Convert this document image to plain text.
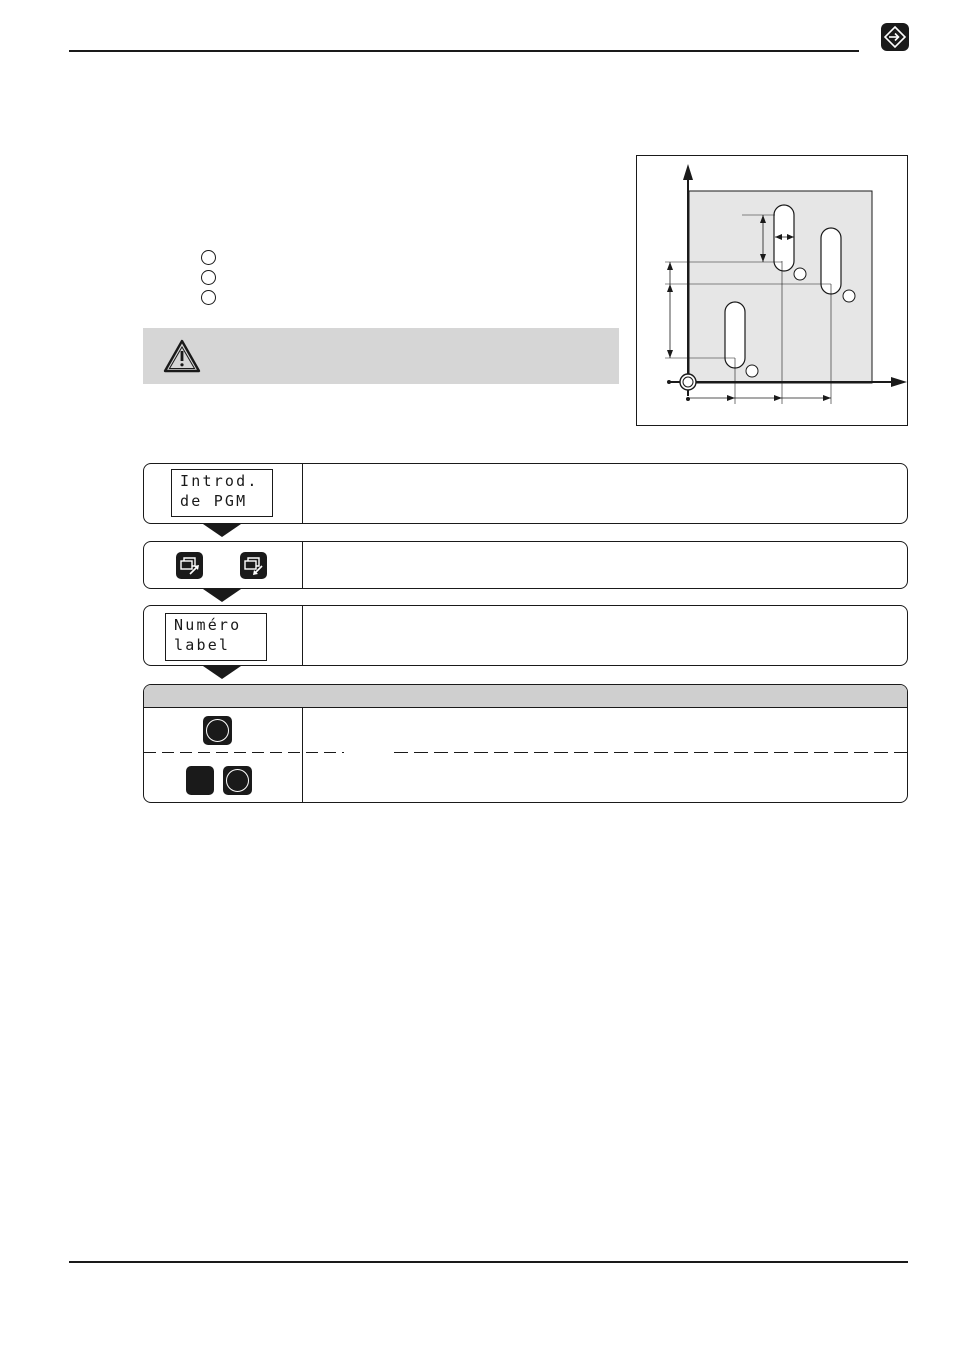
Introd.
de PGM
Numéro
label
